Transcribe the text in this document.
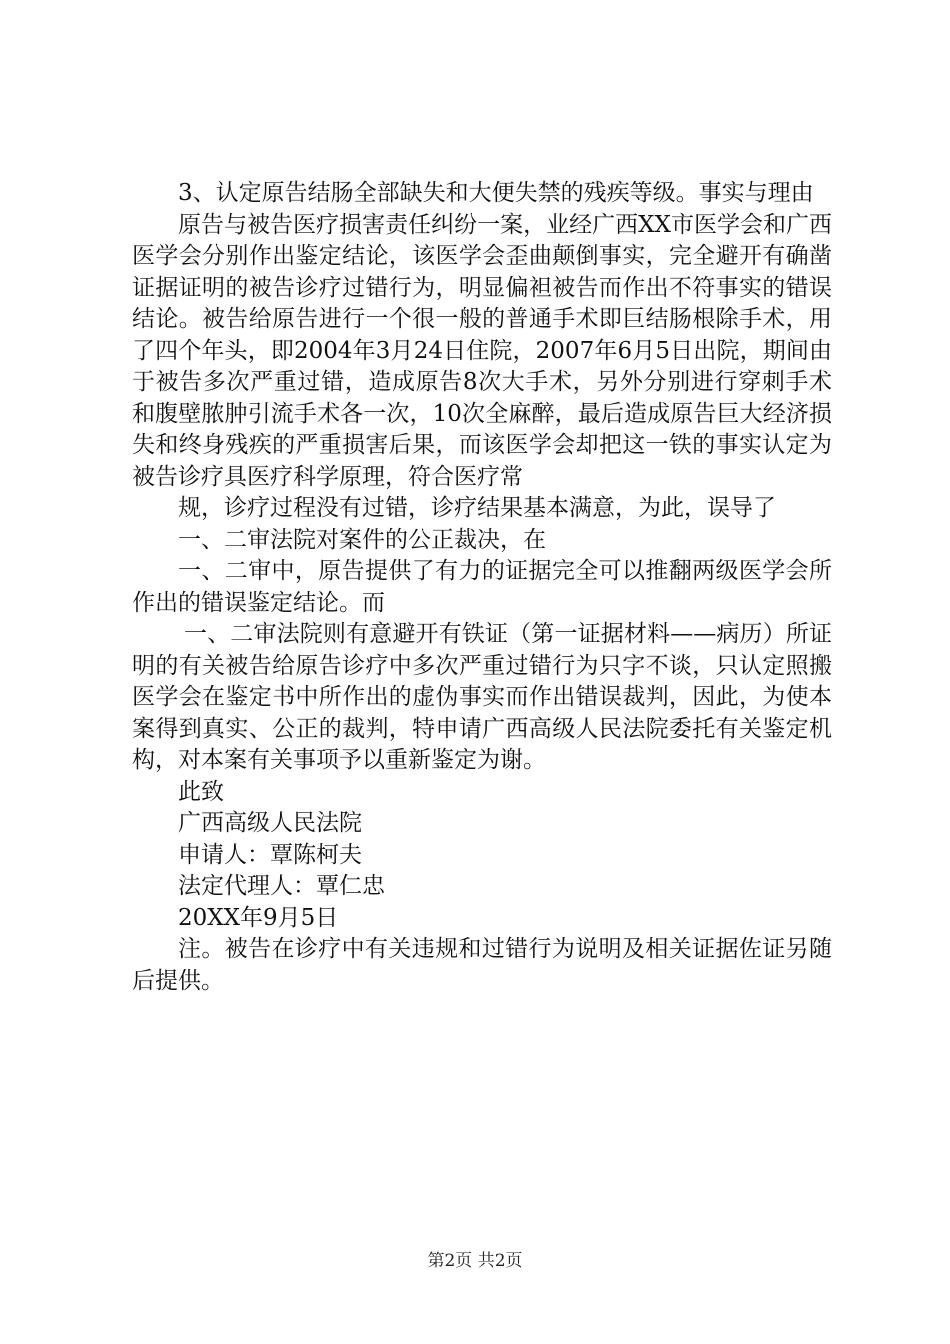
3、认定原告结肠全部缺失和大便失禁的残疾等级。事实与理由

原告与被告医疗损害责任纠纷一案，业经广西XX市医学会和广西医学会分别作出鉴定结论，该医学会歪曲颠倒事实，完全避开有确凿证据证明的被告诊疗过错行为，明显偏袒被告而作出不符事实的错误结论。被告给原告进行一个很一般的普通手术即巨结肠根除手术，用了四个年头，即2004年3月24日住院，2007年6月5日出院，期间由于被告多次严重过错，造成原告8次大手术，另外分别进行穿刺手术和腹壁脓肿引流手术各一次，10次全麻醉，最后造成原告巨大经济损失和终身残疾的严重损害后果，而该医学会却把这一铁的事实认定为被告诊疗具医疗科学原理，符合医疗常

规，诊疗过程没有过错，诊疗结果基本满意，为此，误导了

一、二审法院对案件的公正裁决，在

一、二审中，原告提供了有力的证据完全可以推翻两级医学会所作出的错误鉴定结论。而

一、二审法院则有意避开有铁证（第一证据材料——病历）所证明的有关被告给原告诊疗中多次严重过错行为只字不谈，只认定照搬医学会在鉴定书中所作出的虚伪事实而作出错误裁判，因此，为使本案得到真实、公正的裁判，特申请广西高级人民法院委托有关鉴定机构，对本案有关事项予以重新鉴定为谢。

此致

广西高级人民法院

申请人：覃陈柯夫

法定代理人：覃仁忠

20XX年9月5日

注。被告在诊疗中有关违规和过错行为说明及相关证据佐证另随后提供。

第2页 共2页
